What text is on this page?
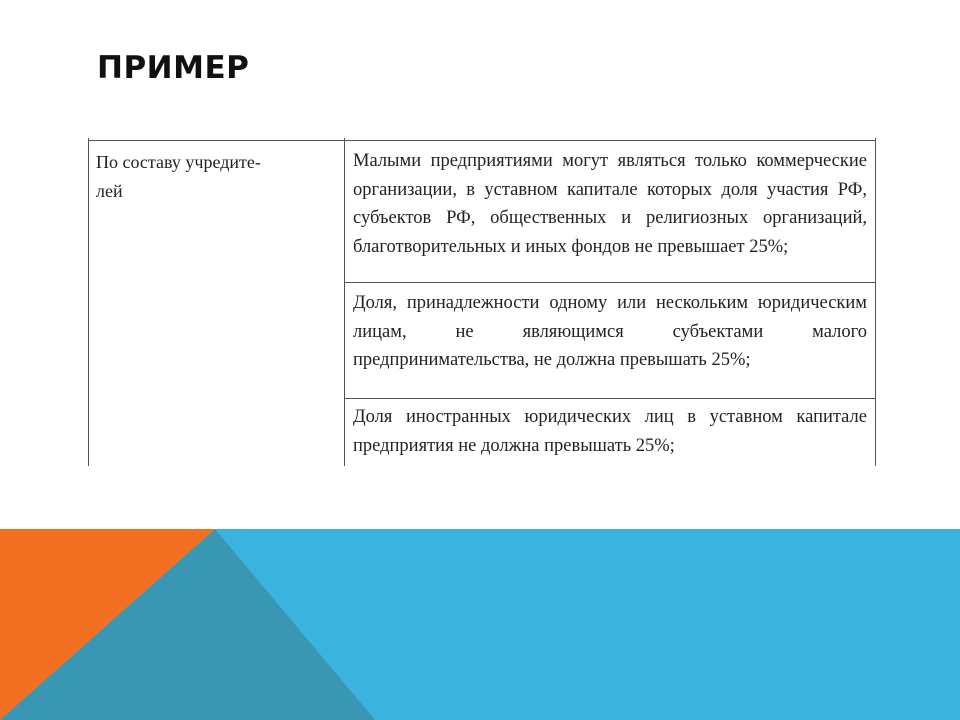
ПРИМЕР
По составу учредите-
лей
Малыми предприятиями могут являться только коммерческие организации, в уставном капитале которых доля участия РФ, субъектов РФ, общественных и религиозных организаций, благотворительных и иных фондов не превышает 25%;
Доля, принадлежности одному или нескольким юридическим лицам, не являющимся субъектами малого предпринимательства, не должна превышать 25%;
Доля иностранных юридических лиц в уставном капитале предприятия не должна превышать 25%;
